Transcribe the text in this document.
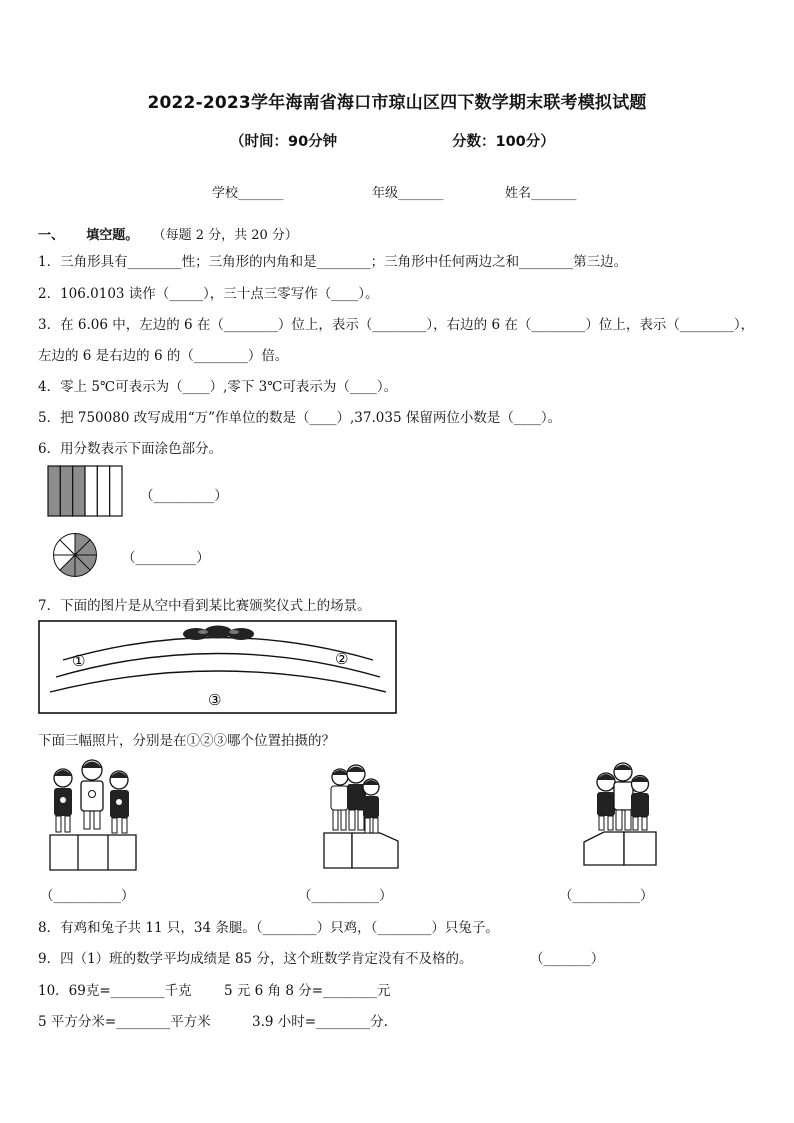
2022-2023学年海南省海口市琼山区四下数学期末联考模拟试题
（时间：90分钟	分数：100分）
学校_______	年级_______	姓名_______
一、 填空题。 （每题 2 分，共 20 分）
1．三角形具有________性；三角形的内角和是________；三角形中任何两边之和________第三边。
2．106.0103 读作（_____），三十点三零写作（____）。
3．在 6.06 中，左边的 6 在（________）位上，表示（________），右边的 6 在（________）位上，表示（________），
左边的 6 是右边的 6 的（________）倍。
4．零上 5℃可表示为（____）,零下 3℃可表示为（____）。
5．把 750080 改写成用“万”作单位的数是（____）,37.035 保留两位小数是（____）。
6．用分数表示下面涂色部分。
（_________）
（_________）
7．下面的图片是从空中看到某比赛颁奖仪式上的场景。
①	②
③
下面三幅照片，分别是在①②③哪个位置拍摄的？
（__________）	（__________）	（__________）
8．有鸡和兔子共 11 只，34 条腿。（________）只鸡，（________）只兔子。
9．四（1）班的数学平均成绩是 85 分，这个班数学肯定没有不及格的。	（_______）
10．69克=________千克 5 元 6 角 8 分=________元
5 平方分米=________平方米	3.9 小时=________分.
